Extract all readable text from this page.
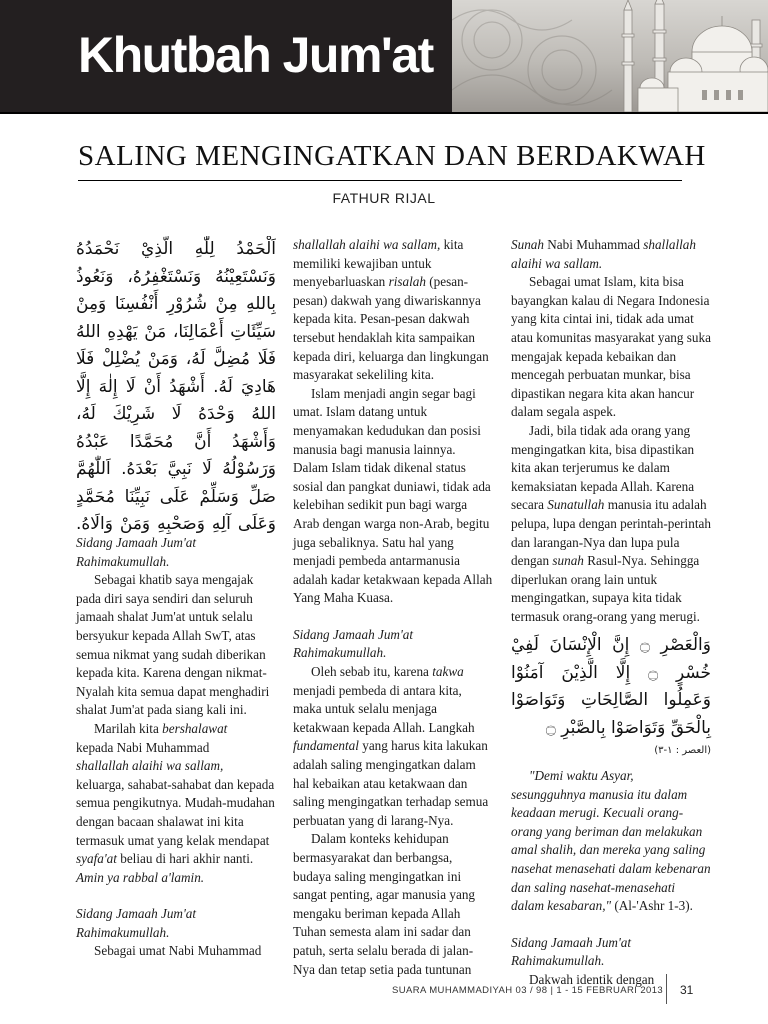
Khutbah Jum'at
SALING MENGINGATKAN DAN BERDAKWAH
FATHUR RIJAL
اَلْحَمْدُ لِلّٰهِ الَّذِيْ نَحْمَدُهُ وَنَسْتَعِيْنُهُ وَنَسْتَغْفِرُهُ، وَنَعُوذُ بِاللهِ مِنْ شُرُوْرِ أَنْفُسِنَا وَمِنْ سَيِّئَاتِ أَعْمَالِنَا، مَنْ يَهْدِهِ اللهُ فَلَا مُضِلَّ لَهُ، وَمَنْ يُضْلِلْ فَلَا هَادِيَ لَهُ. أَشْهَدُ أَنْ لَا إِلٰهَ إِلَّا اللهُ وَحْدَهُ لَا شَرِيْكَ لَهُ، وَأَشْهَدُ أَنَّ مُحَمَّدًا عَبْدُهُ وَرَسُوْلُهُ لَا نَبِيَّ بَعْدَهُ. اَللّٰهُمَّ صَلِّ وَسَلِّمْ عَلَى نَبِيِّنَا مُحَمَّدٍ وَعَلَى آلِهِ وَصَحْبِهِ وَمَنْ وَالَاهُ.

Sidang Jamaah Jum'at

Rahimakumullah.

Sebagai khatib saya mengajak pada diri saya sendiri dan seluruh jamaah shalat Jum'at untuk selalu bersyukur kepada Allah SwT, atas semua nikmat yang sudah diberikan kepada kita. Karena dengan nikmat-Nyalah kita semua dapat menghadiri shalat Jum'at pada siang kali ini.

Marilah kita bershalawat
kepada Nabi Muhammad
shallallah alaihi wa sallam,
keluarga, sahabat-sahabat dan kepada semua pengikutnya. Mudah-mudahan dengan bacaan shalawat ini kita termasuk umat yang kelak mendapat syafa'at beliau di hari akhir nanti. Amin ya rabbal a'lamin.

Sidang Jamaah Jum'at

Rahimakumullah.

Sebagai umat Nabi Muhammad

shallallah alaihi wa sallam, kita memiliki kewajiban untuk menyebarluaskan risalah (pesan-pesan) dakwah yang diwariskannya kepada kita. Pesan-pesan dakwah tersebut hendaklah kita sampaikan kepada diri, keluarga dan lingkungan masyarakat sekeliling kita.

Islam menjadi angin segar bagi umat. Islam datang untuk menyamakan kedudukan dan posisi manusia bagi manusia lainnya. Dalam Islam tidak dikenal status sosial dan pangkat duniawi, tidak ada kelebihan sedikit pun bagi warga Arab dengan warga non-Arab, begitu juga sebaliknya. Satu hal yang menjadi pembeda antarmanusia adalah kadar ketakwaan kepada Allah Yang Maha Kuasa.

Sidang Jamaah Jum'at

Rahimakumullah.

Oleh sebab itu, karena takwa menjadi pembeda di antara kita, maka untuk selalu menjaga ketakwaan kepada Allah. Langkah fundamental yang harus kita lakukan adalah saling mengingatkan dalam hal kebaikan atau ketakwaan dan saling mengingatkan terhadap semua perbuatan yang di larang-Nya.

Dalam konteks kehidupan bermasyarakat dan berbangsa, budaya saling mengingatkan ini sangat penting, agar manusia yang mengaku beriman kepada Allah Tuhan semesta alam ini sadar dan patuh, serta selalu berada di jalan-Nya dan tetap setia pada tuntunan

Sunah Nabi Muhammad shallallah alaihi wa sallam.

Sebagai umat Islam, kita bisa bayangkan kalau di Negara Indonesia yang kita cintai ini, tidak ada umat atau komunitas masyarakat yang suka mengajak kepada kebaikan dan mencegah perbuatan munkar, bisa dipastikan negara kita akan hancur dalam segala aspek.

Jadi, bila tidak ada orang yang mengingatkan kita, bisa dipastikan kita akan terjerumus ke dalam kemaksiatan kepada Allah. Karena secara Sunatullah manusia itu adalah pelupa, lupa dengan perintah-perintah dan larangan-Nya dan lupa pula dengan sunah Rasul-Nya. Sehingga diperlukan orang lain untuk mengingatkan, supaya kita tidak termasuk orang-orang yang merugi.

وَالْعَصْرِ ۝ إِنَّ الْإِنْسَانَ لَفِيْ خُسْرٍ ۝ إِلَّا الَّذِيْنَ آمَنُوْا وَعَمِلُوا الصَّالِحَاتِ وَتَوَاصَوْا بِالْحَقِّ وَتَوَاصَوْا بِالصَّبْرِ ۝
(العصر : ١-٣)

"Demi waktu Asyar, sesungguhnya manusia itu dalam keadaan merugi. Kecuali orang-orang yang beriman dan melakukan amal shalih, dan mereka yang saling nasehat menasehati dalam kebenaran dan saling nasehat-menasehati dalam kesabaran," (Al-'Ashr 1-3).

Sidang Jamaah Jum'at

Rahimakumullah.

Dakwah identik dengan

SUARA MUHAMMADIYAH 03 / 98 | 1 - 15 FEBRUARI 2013 31
